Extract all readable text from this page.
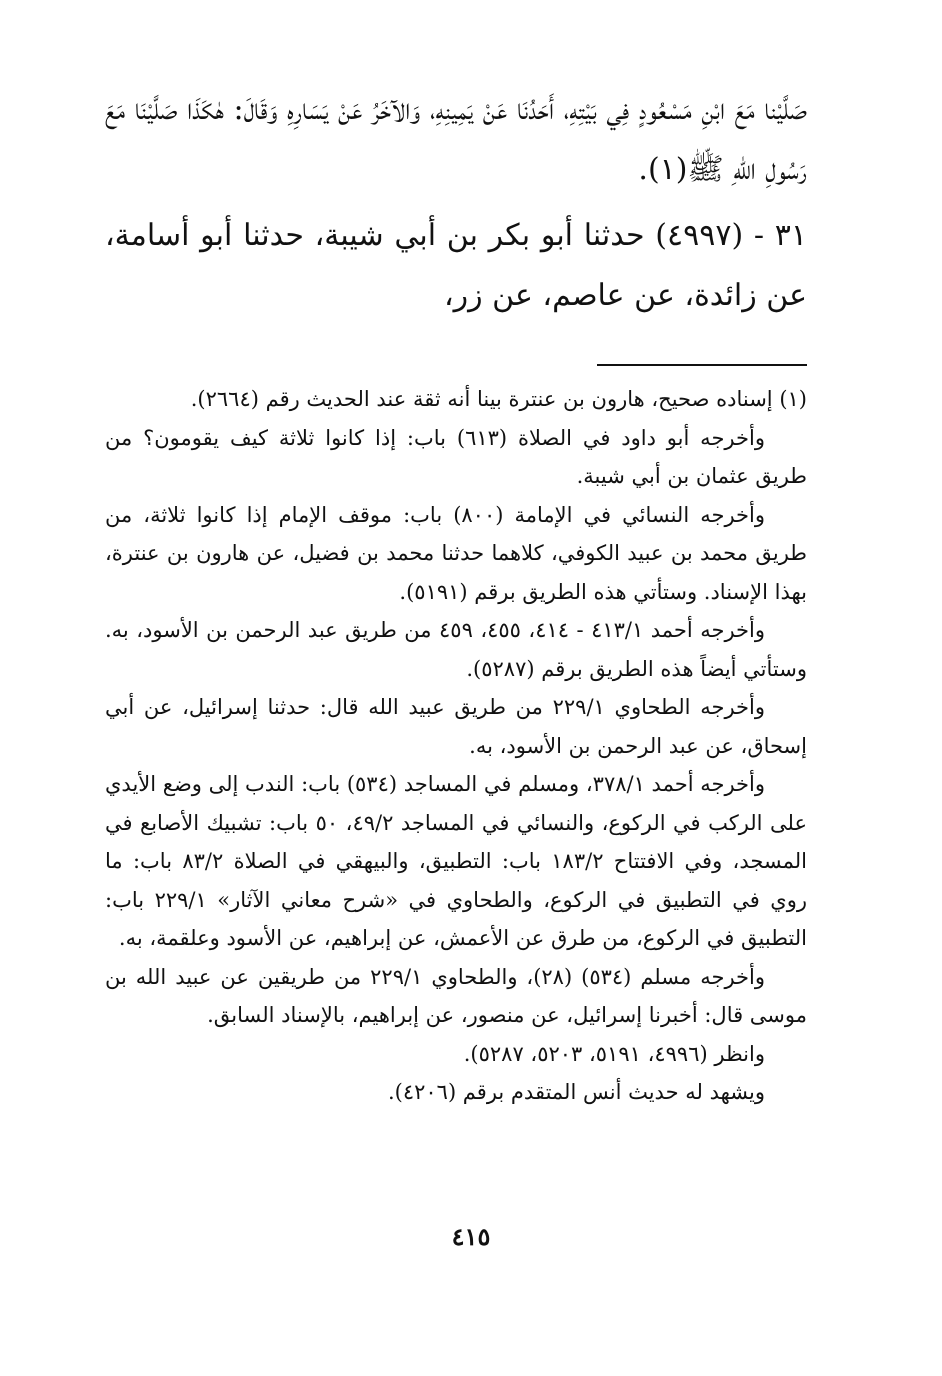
صَلَّيْنا مَعَ ابْنِ مَسْعُودٍ فِي بَيْتِهِ، أَحَدُنَا عَنْ يَمِينِهِ، وَالآخَرُ عَنْ يَسَارِهِ وَقَالَ: هٰكَذَا صَلَّيْنَا مَعَ رَسُولِ اللهِ ﷺ(١).

٣١ - (٤٩٩٧) حدثنا أبو بكر بن أبي شيبة، حدثنا أبو أسامة، عن زائدة، عن عاصم، عن زر،

(١) إسناده صحيح، هارون بن عنترة بينا أنه ثقة عند الحديث رقم (٢٦٦٤).

وأخرجه أبو داود في الصلاة (٦١٣) باب: إذا كانوا ثلاثة كيف يقومون؟ من طريق عثمان بن أبي شيبة.

وأخرجه النسائي في الإمامة (٨٠٠) باب: موقف الإمام إذا كانوا ثلاثة، من طريق محمد بن عبيد الكوفي، كلاهما حدثنا محمد بن فضيل، عن هارون بن عنترة، بهذا الإسناد. وستأتي هذه الطريق برقم (٥١٩١).

وأخرجه أحمد ٤١٣/١ - ٤١٤، ٤٥٥، ٤٥٩ من طريق عبد الرحمن بن الأسود، به. وستأتي أيضاً هذه الطريق برقم (٥٢٨٧).

وأخرجه الطحاوي ٢٢٩/١ من طريق عبيد الله قال: حدثنا إسرائيل، عن أبي إسحاق، عن عبد الرحمن بن الأسود، به.

وأخرجه أحمد ٣٧٨/١، ومسلم في المساجد (٥٣٤) باب: الندب إلى وضع الأيدي على الركب في الركوع، والنسائي في المساجد ٤٩/٢، ٥٠ باب: تشبيك الأصابع في المسجد، وفي الافتتاح ١٨٣/٢ باب: التطبيق، والبيهقي في الصلاة ٨٣/٢ باب: ما روي في التطبيق في الركوع، والطحاوي في «شرح معاني الآثار» ٢٢٩/١ باب: التطبيق في الركوع، من طرق عن الأعمش، عن إبراهيم، عن الأسود وعلقمة، به.

وأخرجه مسلم (٥٣٤) (٢٨)، والطحاوي ٢٢٩/١ من طريقين عن عبيد الله بن موسى قال: أخبرنا إسرائيل، عن منصور، عن إبراهيم، بالإسناد السابق.

وانظر (٤٩٩٦، ٥١٩١، ٥٢٠٣، ٥٢٨٧).

ويشهد له حديث أنس المتقدم برقم (٤٢٠٦).

٤١٥
